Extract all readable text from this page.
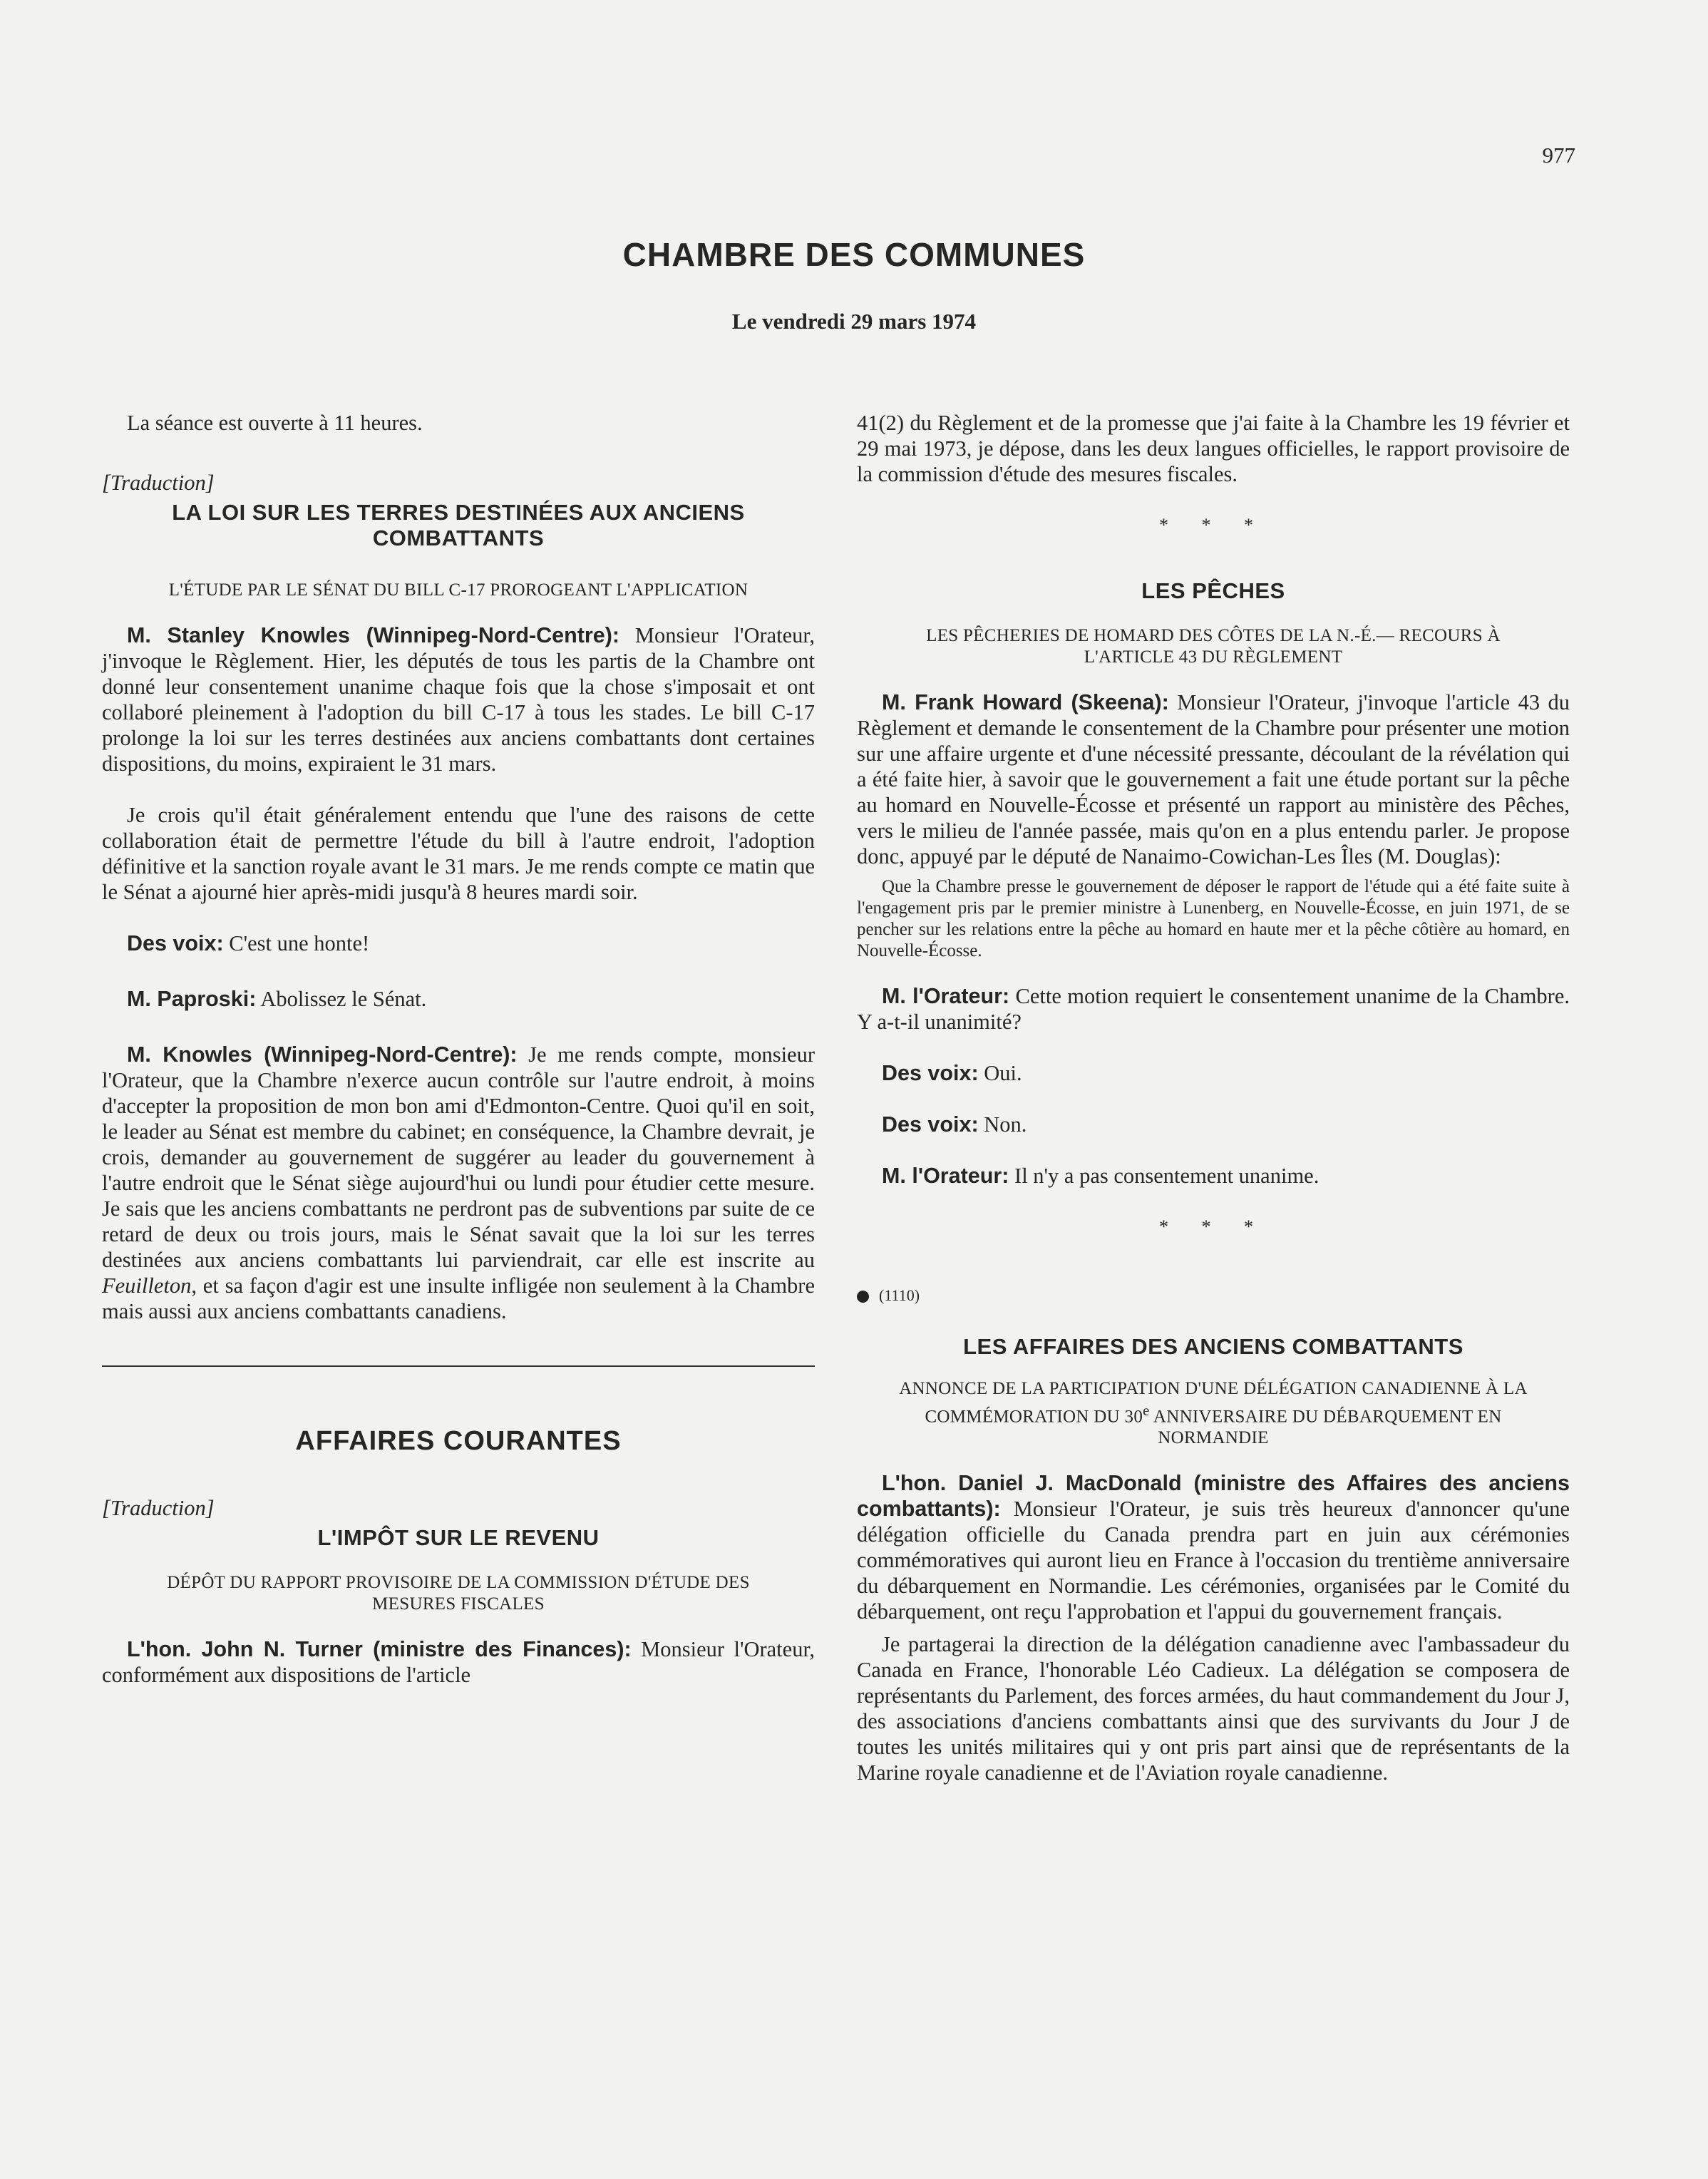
977
CHAMBRE DES COMMUNES
Le vendredi 29 mars 1974

La séance est ouverte à 11 heures.

[Traduction]
LA LOI SUR LES TERRES DESTINÉES AUX ANCIENS COMBATTANTS
L'ÉTUDE PAR LE SÉNAT DU BILL C-17 PROROGEANT L'APPLICATION

M. Stanley Knowles (Winnipeg-Nord-Centre): Monsieur l'Orateur, j'invoque le Règlement. Hier, les députés de tous les partis de la Chambre ont donné leur consentement unanime chaque fois que la chose s'imposait et ont collaboré pleinement à l'adoption du bill C-17 à tous les stades. Le bill C-17 prolonge la loi sur les terres destinées aux anciens combattants dont certaines dispositions, du moins, expiraient le 31 mars.

Je crois qu'il était généralement entendu que l'une des raisons de cette collaboration était de permettre l'étude du bill à l'autre endroit, l'adoption définitive et la sanction royale avant le 31 mars. Je me rends compte ce matin que le Sénat a ajourné hier après-midi jusqu'à 8 heures mardi soir.

Des voix: C'est une honte!

M. Paproski: Abolissez le Sénat.

M. Knowles (Winnipeg-Nord-Centre): Je me rends compte, monsieur l'Orateur, que la Chambre n'exerce aucun contrôle sur l'autre endroit, à moins d'accepter la proposition de mon bon ami d'Edmonton-Centre. Quoi qu'il en soit, le leader au Sénat est membre du cabinet; en conséquence, la Chambre devrait, je crois, demander au gouvernement de suggérer au leader du gouvernement à l'autre endroit que le Sénat siège aujourd'hui ou lundi pour étudier cette mesure. Je sais que les anciens combattants ne perdront pas de subventions par suite de ce retard de deux ou trois jours, mais le Sénat savait que la loi sur les terres destinées aux anciens combattants lui parviendrait, car elle est inscrite au Feuilleton, et sa façon d'agir est une insulte infligée non seulement à la Chambre mais aussi aux anciens combattants canadiens.

AFFAIRES COURANTES
[Traduction]
L'IMPÔT SUR LE REVENU
DÉPÔT DU RAPPORT PROVISOIRE DE LA COMMISSION D'ÉTUDE DES MESURES FISCALES

L'hon. John N. Turner (ministre des Finances): Monsieur l'Orateur, conformément aux dispositions de l'article

41(2) du Règlement et de la promesse que j'ai faite à la Chambre les 19 février et 29 mai 1973, je dépose, dans les deux langues officielles, le rapport provisoire de la commission d'étude des mesures fiscales.

* * *
LES PÊCHES
LES PÊCHERIES DE HOMARD DES CÔTES DE LA N.-É.— RECOURS À L'ARTICLE 43 DU RÈGLEMENT

M. Frank Howard (Skeena): Monsieur l'Orateur, j'invoque l'article 43 du Règlement et demande le consentement de la Chambre pour présenter une motion sur une affaire urgente et d'une nécessité pressante, découlant de la révélation qui a été faite hier, à savoir que le gouvernement a fait une étude portant sur la pêche au homard en Nouvelle-Écosse et présenté un rapport au ministère des Pêches, vers le milieu de l'année passée, mais qu'on en a plus entendu parler. Je propose donc, appuyé par le député de Nanaimo-Cowichan-Les Îles (M. Douglas):

Que la Chambre presse le gouvernement de déposer le rapport de l'étude qui a été faite suite à l'engagement pris par le premier ministre à Lunenberg, en Nouvelle-Écosse, en juin 1971, de se pencher sur les relations entre la pêche au homard en haute mer et la pêche côtière au homard, en Nouvelle-Écosse.

M. l'Orateur: Cette motion requiert le consentement unanime de la Chambre. Y a-t-il unanimité?

Des voix: Oui.

Des voix: Non.

M. l'Orateur: Il n'y a pas consentement unanime.

* * *
(1110)
LES AFFAIRES DES ANCIENS COMBATTANTS
ANNONCE DE LA PARTICIPATION D'UNE DÉLÉGATION CANADIENNE À LA COMMÉMORATION DU 30e ANNIVERSAIRE DU DÉBARQUEMENT EN NORMANDIE

L'hon. Daniel J. MacDonald (ministre des Affaires des anciens combattants): Monsieur l'Orateur, je suis très heureux d'annoncer qu'une délégation officielle du Canada prendra part en juin aux cérémonies commémoratives qui auront lieu en France à l'occasion du trentième anniversaire du débarquement en Normandie. Les cérémonies, organisées par le Comité du débarquement, ont reçu l'approbation et l'appui du gouvernement français.

Je partagerai la direction de la délégation canadienne avec l'ambassadeur du Canada en France, l'honorable Léo Cadieux. La délégation se composera de représentants du Parlement, des forces armées, du haut commandement du Jour J, des associations d'anciens combattants ainsi que des survivants du Jour J de toutes les unités militaires qui y ont pris part ainsi que de représentants de la Marine royale canadienne et de l'Aviation royale canadienne.
